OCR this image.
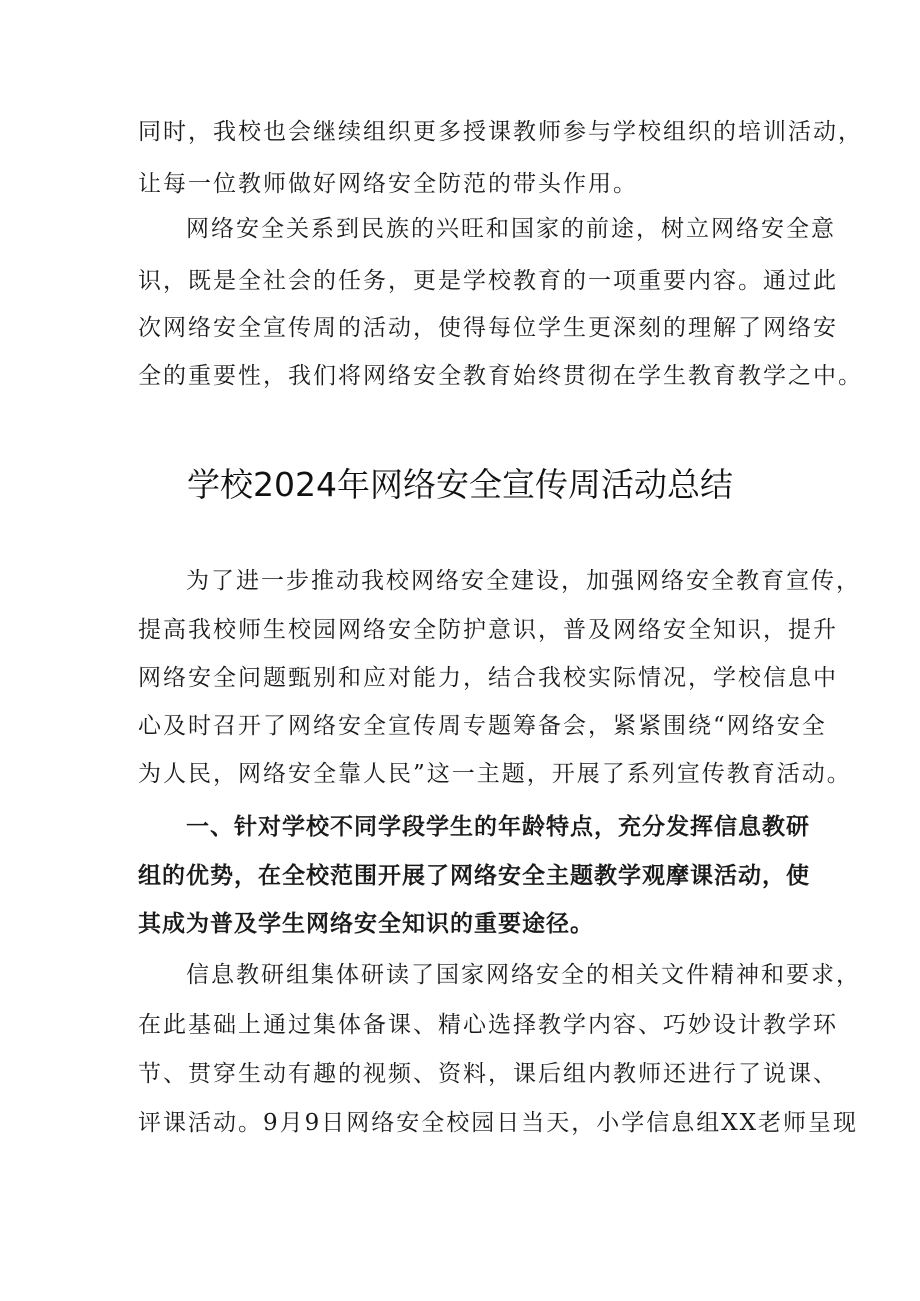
同时，我校也会继续组织更多授课教师参与学校组织的培训活动，
让每一位教师做好网络安全防范的带头作用。
网络安全关系到民族的兴旺和国家的前途，树立网络安全意
识，既是全社会的任务，更是学校教育的一项重要内容。通过此
次网络安全宣传周的活动，使得每位学生更深刻的理解了网络安
全的重要性，我们将网络安全教育始终贯彻在学生教育教学之中。
学校2024年网络安全宣传周活动总结
为了进一步推动我校网络安全建设，加强网络安全教育宣传，
提高我校师生校园网络安全防护意识，普及网络安全知识，提升
网络安全问题甄别和应对能力，结合我校实际情况，学校信息中
心及时召开了网络安全宣传周专题筹备会，紧紧围绕“网络安全
为人民，网络安全靠人民”这一主题，开展了系列宣传教育活动。
一、针对学校不同学段学生的年龄特点，充分发挥信息教研
组的优势，在全校范围开展了网络安全主题教学观摩课活动，使
其成为普及学生网络安全知识的重要途径。
信息教研组集体研读了国家网络安全的相关文件精神和要求，
在此基础上通过集体备课、精心选择教学内容、巧妙设计教学环
节、贯穿生动有趣的视频、资料，课后组内教师还进行了说课、
评课活动。9月9日网络安全校园日当天，小学信息组XX老师呈现
